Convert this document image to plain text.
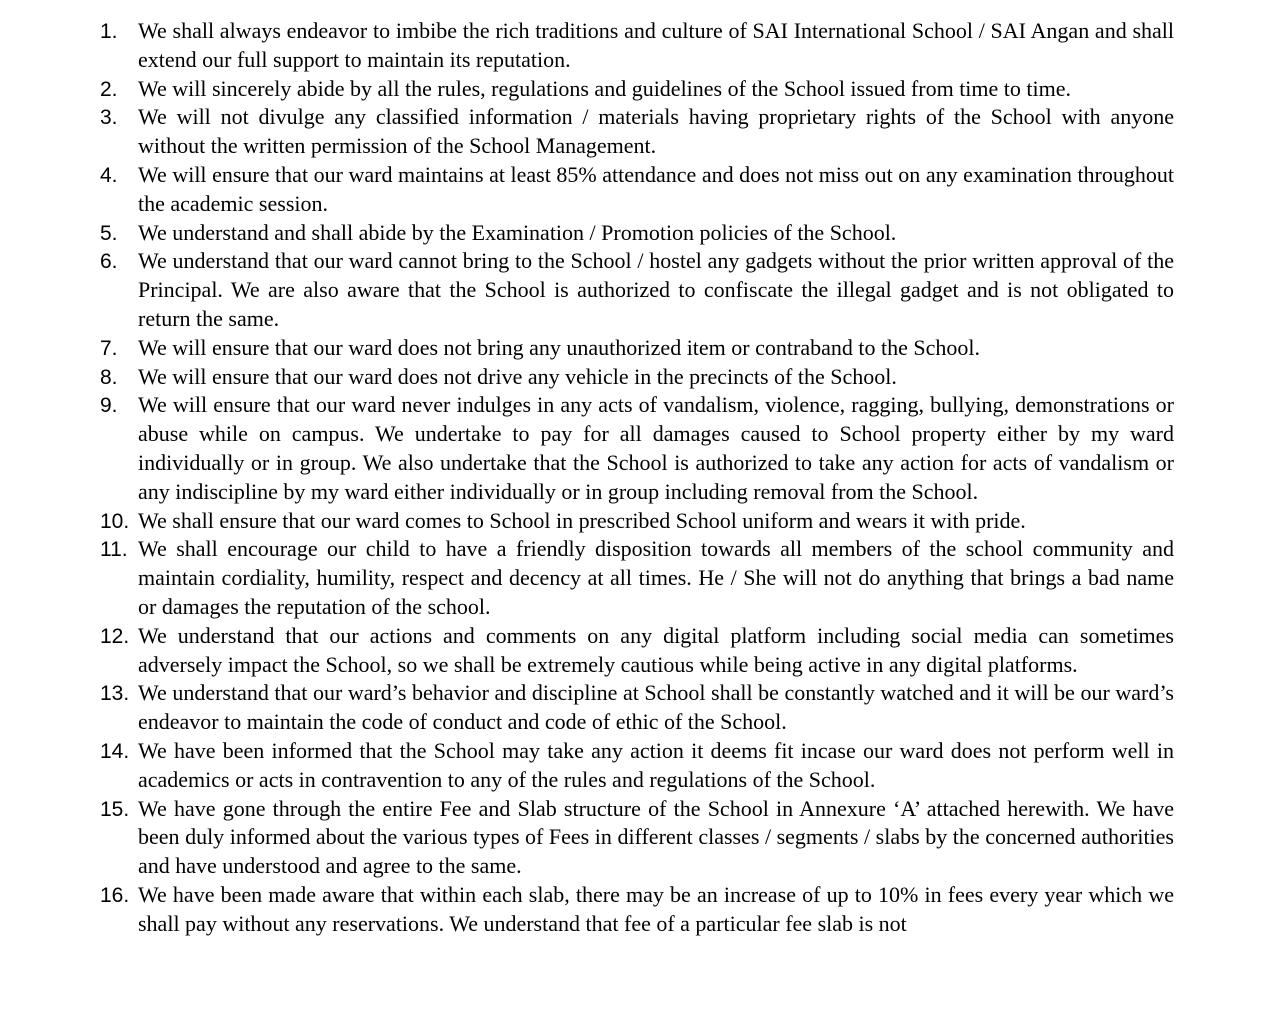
1. We shall always endeavor to imbibe the rich traditions and culture of SAI International School / SAI Angan and shall extend our full support to maintain its reputation.
2. We will sincerely abide by all the rules, regulations and guidelines of the School issued from time to time.
3. We will not divulge any classified information / materials having proprietary rights of the School with anyone without the written permission of the School Management.
4. We will ensure that our ward maintains at least 85% attendance and does not miss out on any examination throughout the academic session.
5. We understand and shall abide by the Examination / Promotion policies of the School.
6. We understand that our ward cannot bring to the School / hostel any gadgets without the prior written approval of the Principal. We are also aware that the School is authorized to confiscate the illegal gadget and is not obligated to return the same.
7. We will ensure that our ward does not bring any unauthorized item or contraband to the School.
8. We will ensure that our ward does not drive any vehicle in the precincts of the School.
9. We will ensure that our ward never indulges in any acts of vandalism, violence, ragging, bullying, demonstrations or abuse while on campus. We undertake to pay for all damages caused to School property either by my ward individually or in group. We also undertake that the School is authorized to take any action for acts of vandalism or any indiscipline by my ward either individually or in group including removal from the School.
10. We shall ensure that our ward comes to School in prescribed School uniform and wears it with pride.
11. We shall encourage our child to have a friendly disposition towards all members of the school community and maintain cordiality, humility, respect and decency at all times. He / She will not do anything that brings a bad name or damages the reputation of the school.
12. We understand that our actions and comments on any digital platform including social media can sometimes adversely impact the School, so we shall be extremely cautious while being active in any digital platforms.
13. We understand that our ward’s behavior and discipline at School shall be constantly watched and it will be our ward’s endeavor to maintain the code of conduct and code of ethic of the School.
14. We have been informed that the School may take any action it deems fit incase our ward does not perform well in academics or acts in contravention to any of the rules and regulations of the School.
15. We have gone through the entire Fee and Slab structure of the School in Annexure ‘A’ attached herewith. We have been duly informed about the various types of Fees in different classes / segments / slabs by the concerned authorities and have understood and agree to the same.
16. We have been made aware that within each slab, there may be an increase of up to 10% in fees every year which we shall pay without any reservations. We understand that fee of a particular fee slab is not
